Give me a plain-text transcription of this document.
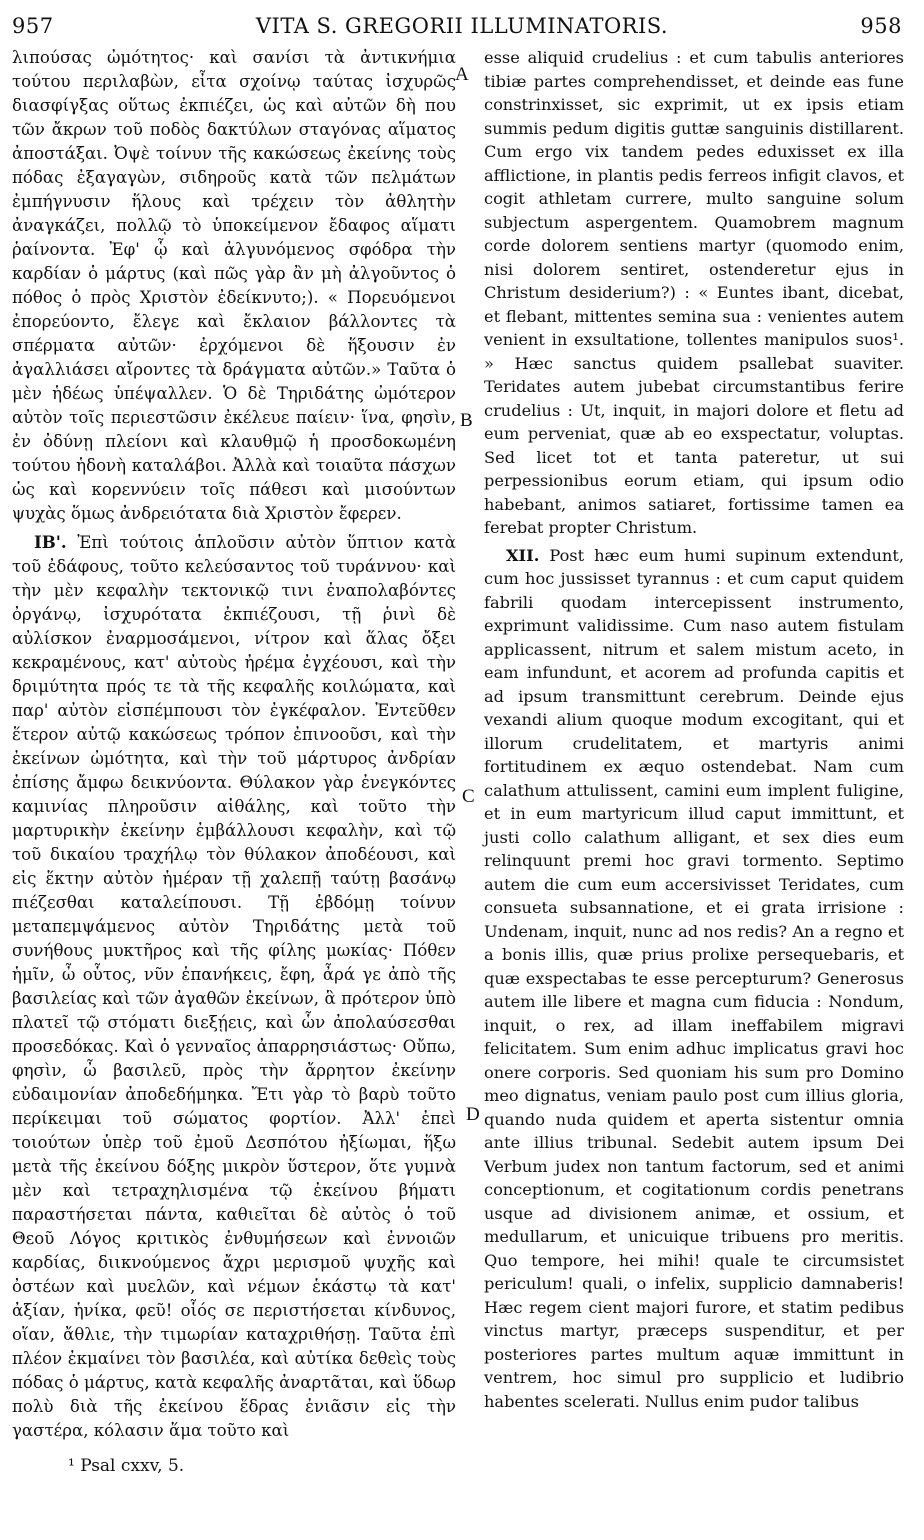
957	VITA S. GREGORII ILLUMINATORIS.	958

λιπούσας ὠμότητος· καὶ σανίσι τὰ ἀντικνήμια τούτου περιλαβὼν, εἶτα σχοίνῳ ταύτας ἰσχυρῶς διασφίγξας οὕτως ἐκπιέζει, ὡς καὶ αὐτῶν δὴ που τῶν ἄκρων τοῦ ποδὸς δακτύλων σταγόνας αἵματος ἀποστάξαι. Ὀψὲ τοίνυν τῆς κακώσεως ἐκείνης τοὺς πόδας ἐξαγαγὼν, σιδηροῦς κατὰ τῶν πελμάτων ἐμπήγνυσιν ἥλους καὶ τρέχειν τὸν ἀθλητὴν ἀναγκάζει, πολλῷ τὸ ὑποκείμενον ἔδαφος αἵματι ῥαίνοντα. Ἐφ' ᾧ καὶ ἀλγυνόμενος σφόδρα τὴν καρδίαν ὁ μάρτυς (καὶ πῶς γὰρ ἂν μὴ ἀλγοῦντος ὁ πόθος ὁ πρὸς Χριστὸν ἐδείκνυτο;). « Πορευόμενοι ἐπορεύοντο, ἔλεγε καὶ ἔκλαιον βάλλοντες τὰ σπέρματα αὐτῶν· ἐρχόμενοι δὲ ἥξουσιν ἐν ἀγαλλιάσει αἴροντες τὰ δράγματα αὐτῶν.» Ταῦτα ὁ μὲν ἡδέως ὑπέψαλλεν. Ὁ δὲ Τηριδάτης ὠμότερον αὐτὸν τοῖς περιεστῶσιν ἐκέλευε παίειν· ἵνα, φησὶν, ἐν ὀδύνῃ πλείονι καὶ κλαυθμῷ ἡ προσδοκωμένη τούτου ἡδονὴ καταλάβοι. Ἀλλὰ καὶ τοιαῦτα πάσχων ὡς καὶ κορεννύειν τοῖς πάθεσι καὶ μισούντων ψυχὰς ὅμως ἀνδρειότατα διὰ Χριστὸν ἔφερεν.

ΙΒ'. Ἐπὶ τούτοις ἁπλοῦσιν αὐτὸν ὕπτιον κατὰ τοῦ ἐδάφους, τοῦτο κελεύσαντος τοῦ τυράννου· καὶ τὴν μὲν κεφαλὴν τεκτονικῷ τινι ἐναπολαβόντες ὀργάνῳ, ἰσχυρότατα ἐκπιέζουσι, τῇ ῥινὶ δὲ αὐλίσκον ἐναρμοσάμενοι, νίτρον καὶ ἅλας ὄξει κεκραμένους, κατ' αὐτοὺς ἠρέμα ἐγχέουσι, καὶ τὴν δριμύτητα πρός τε τὰ τῆς κεφαλῆς κοιλώματα, καὶ παρ' αὐτὸν εἰσπέμπουσι τὸν ἐγκέφαλον. Ἐντεῦθεν ἕτερον αὐτῷ κακώσεως τρόπον ἐπινοοῦσι, καὶ τὴν ἐκείνων ὠμότητα, καὶ τὴν τοῦ μάρτυρος ἀνδρίαν ἐπίσης ἄμφω δεικνύοντα. Θύλακον γὰρ ἐνεγκόντες καμινίας πληροῦσιν αἰθάλης, καὶ τοῦτο τὴν μαρτυρικὴν ἐκείνην ἐμβάλλουσι κεφαλὴν, καὶ τῷ τοῦ δικαίου τραχήλῳ τὸν θύλακον ἀποδέουσι, καὶ εἰς ἕκτην αὐτὸν ἡμέραν τῇ χαλεπῇ ταύτῃ βασάνῳ πιέζεσθαι καταλείπουσι. Τῇ ἑβδόμῃ τοίνυν μεταπεμψάμενος αὐτὸν Τηριδάτης μετὰ τοῦ συνήθους μυκτῆρος καὶ τῆς φίλης μωκίας· Πόθεν ἡμῖν, ὦ οὗτος, νῦν ἐπανήκεις, ἔφη, ἆρά γε ἀπὸ τῆς βασιλείας καὶ τῶν ἀγαθῶν ἐκείνων, ἃ πρότερον ὑπὸ πλατεῖ τῷ στόματι διεξῄεις, καὶ ὧν ἀπολαύσεσθαι προσεδόκας. Καὶ ὁ γενναῖος ἀπαρρησιάστως· Οὔπω, φησὶν, ὦ βασιλεῦ, πρὸς τὴν ἄρρητον ἐκείνην εὐδαιμονίαν ἀποδεδήμηκα. Ἔτι γὰρ τὸ βαρὺ τοῦτο περίκειμαι τοῦ σώματος φορτίον. Ἀλλ' ἐπεὶ τοιούτων ὑπὲρ τοῦ ἐμοῦ Δεσπότου ἠξίωμαι, ἥξω μετὰ τῆς ἐκείνου δόξης μικρὸν ὕστερον, ὅτε γυμνὰ μὲν καὶ τετραχηλισμένα τῷ ἐκείνου βήματι παραστήσεται πάντα, καθιεῖται δὲ αὐτὸς ὁ τοῦ Θεοῦ Λόγος κριτικὸς ἐνθυμήσεων καὶ ἐννοιῶν καρδίας, διικνούμενος ἄχρι μερισμοῦ ψυχῆς καὶ ὀστέων καὶ μυελῶν, καὶ νέμων ἑκάστῳ τὰ κατ' ἀξίαν, ἡνίκα, φεῦ! οἷός σε περιστήσεται κίνδυνος, οἵαν, ἄθλιε, τὴν τιμωρίαν καταχριθήσῃ. Ταῦτα ἐπὶ πλέον ἐκμαίνει τὸν βασιλέα, καὶ αὐτίκα δεθεὶς τοὺς πόδας ὁ μάρτυς, κατὰ κεφαλῆς ἀναρτᾶται, καὶ ὕδωρ πολὺ διὰ τῆς ἐκείνου ἕδρας ἐνιᾶσιν εἰς τὴν γαστέρα, κόλασιν ἅμα τοῦτο καὶ

A
B
C
D

esse aliquid crudelius : et cum tabulis anteriores tibiæ partes comprehendisset, et deinde eas fune constrinxisset, sic exprimit, ut ex ipsis etiam summis pedum digitis guttæ sanguinis distillarent. Cum ergo vix tandem pedes eduxisset ex illa afflictione, in plantis pedis ferreos infigit clavos, et cogit athletam currere, multo sanguine solum subjectum aspergentem. Quamobrem magnum corde dolorem sentiens martyr (quomodo enim, nisi dolorem sentiret, ostenderetur ejus in Christum desiderium?) : « Euntes ibant, dicebat, et flebant, mittentes semina sua : venientes autem venient in exsultatione, tollentes manipulos suos¹. » Hæc sanctus quidem psallebat suaviter. Teridates autem jubebat circumstantibus ferire crudelius : Ut, inquit, in majori dolore et fletu ad eum perveniat, quæ ab eo exspectatur, voluptas. Sed licet tot et tanta pateretur, ut sui perpessionibus eorum etiam, qui ipsum odio habebant, animos satiaret, fortissime tamen ea ferebat propter Christum.

XII. Post hæc eum humi supinum extendunt, cum hoc jussisset tyrannus : et cum caput quidem fabrili quodam intercepissent instrumento, exprimunt validissime. Cum naso autem fistulam applicassent, nitrum et salem mistum aceto, in eam infundunt, et acorem ad profunda capitis et ad ipsum transmittunt cerebrum. Deinde ejus vexandi alium quoque modum excogitant, qui et illorum crudelitatem, et martyris animi fortitudinem ex æquo ostendebat. Nam cum calathum attulissent, camini eum implent fuligine, et in eum martyricum illud caput immittunt, et justi collo calathum alligant, et sex dies eum relinquunt premi hoc gravi tormento. Septimo autem die cum eum accersivisset Teridates, cum consueta subsannatione, et ei grata irrisione : Undenam, inquit, nunc ad nos redis? An a regno et a bonis illis, quæ prius prolixe persequebaris, et quæ exspectabas te esse percepturum? Generosus autem ille libere et magna cum fiducia : Nondum, inquit, o rex, ad illam ineffabilem migravi felicitatem. Sum enim adhuc implicatus gravi hoc onere corporis. Sed quoniam his sum pro Domino meo dignatus, veniam paulo post cum illius gloria, quando nuda quidem et aperta sistentur omnia ante illius tribunal. Sedebit autem ipsum Dei Verbum judex non tantum factorum, sed et animi conceptionum, et cogitationum cordis penetrans usque ad divisionem animæ, et ossium, et medullarum, et unicuique tribuens pro meritis. Quo tempore, hei mihi! quale te circumsistet periculum! quali, o infelix, supplicio damnaberis! Hæc regem cient majori furore, et statim pedibus vinctus martyr, præceps suspenditur, et per posteriores partes multum aquæ immittunt in ventrem, hoc simul pro supplicio et ludibrio habentes scelerati. Nullus enim pudor talibus

¹ Psal cxxv, 5.
